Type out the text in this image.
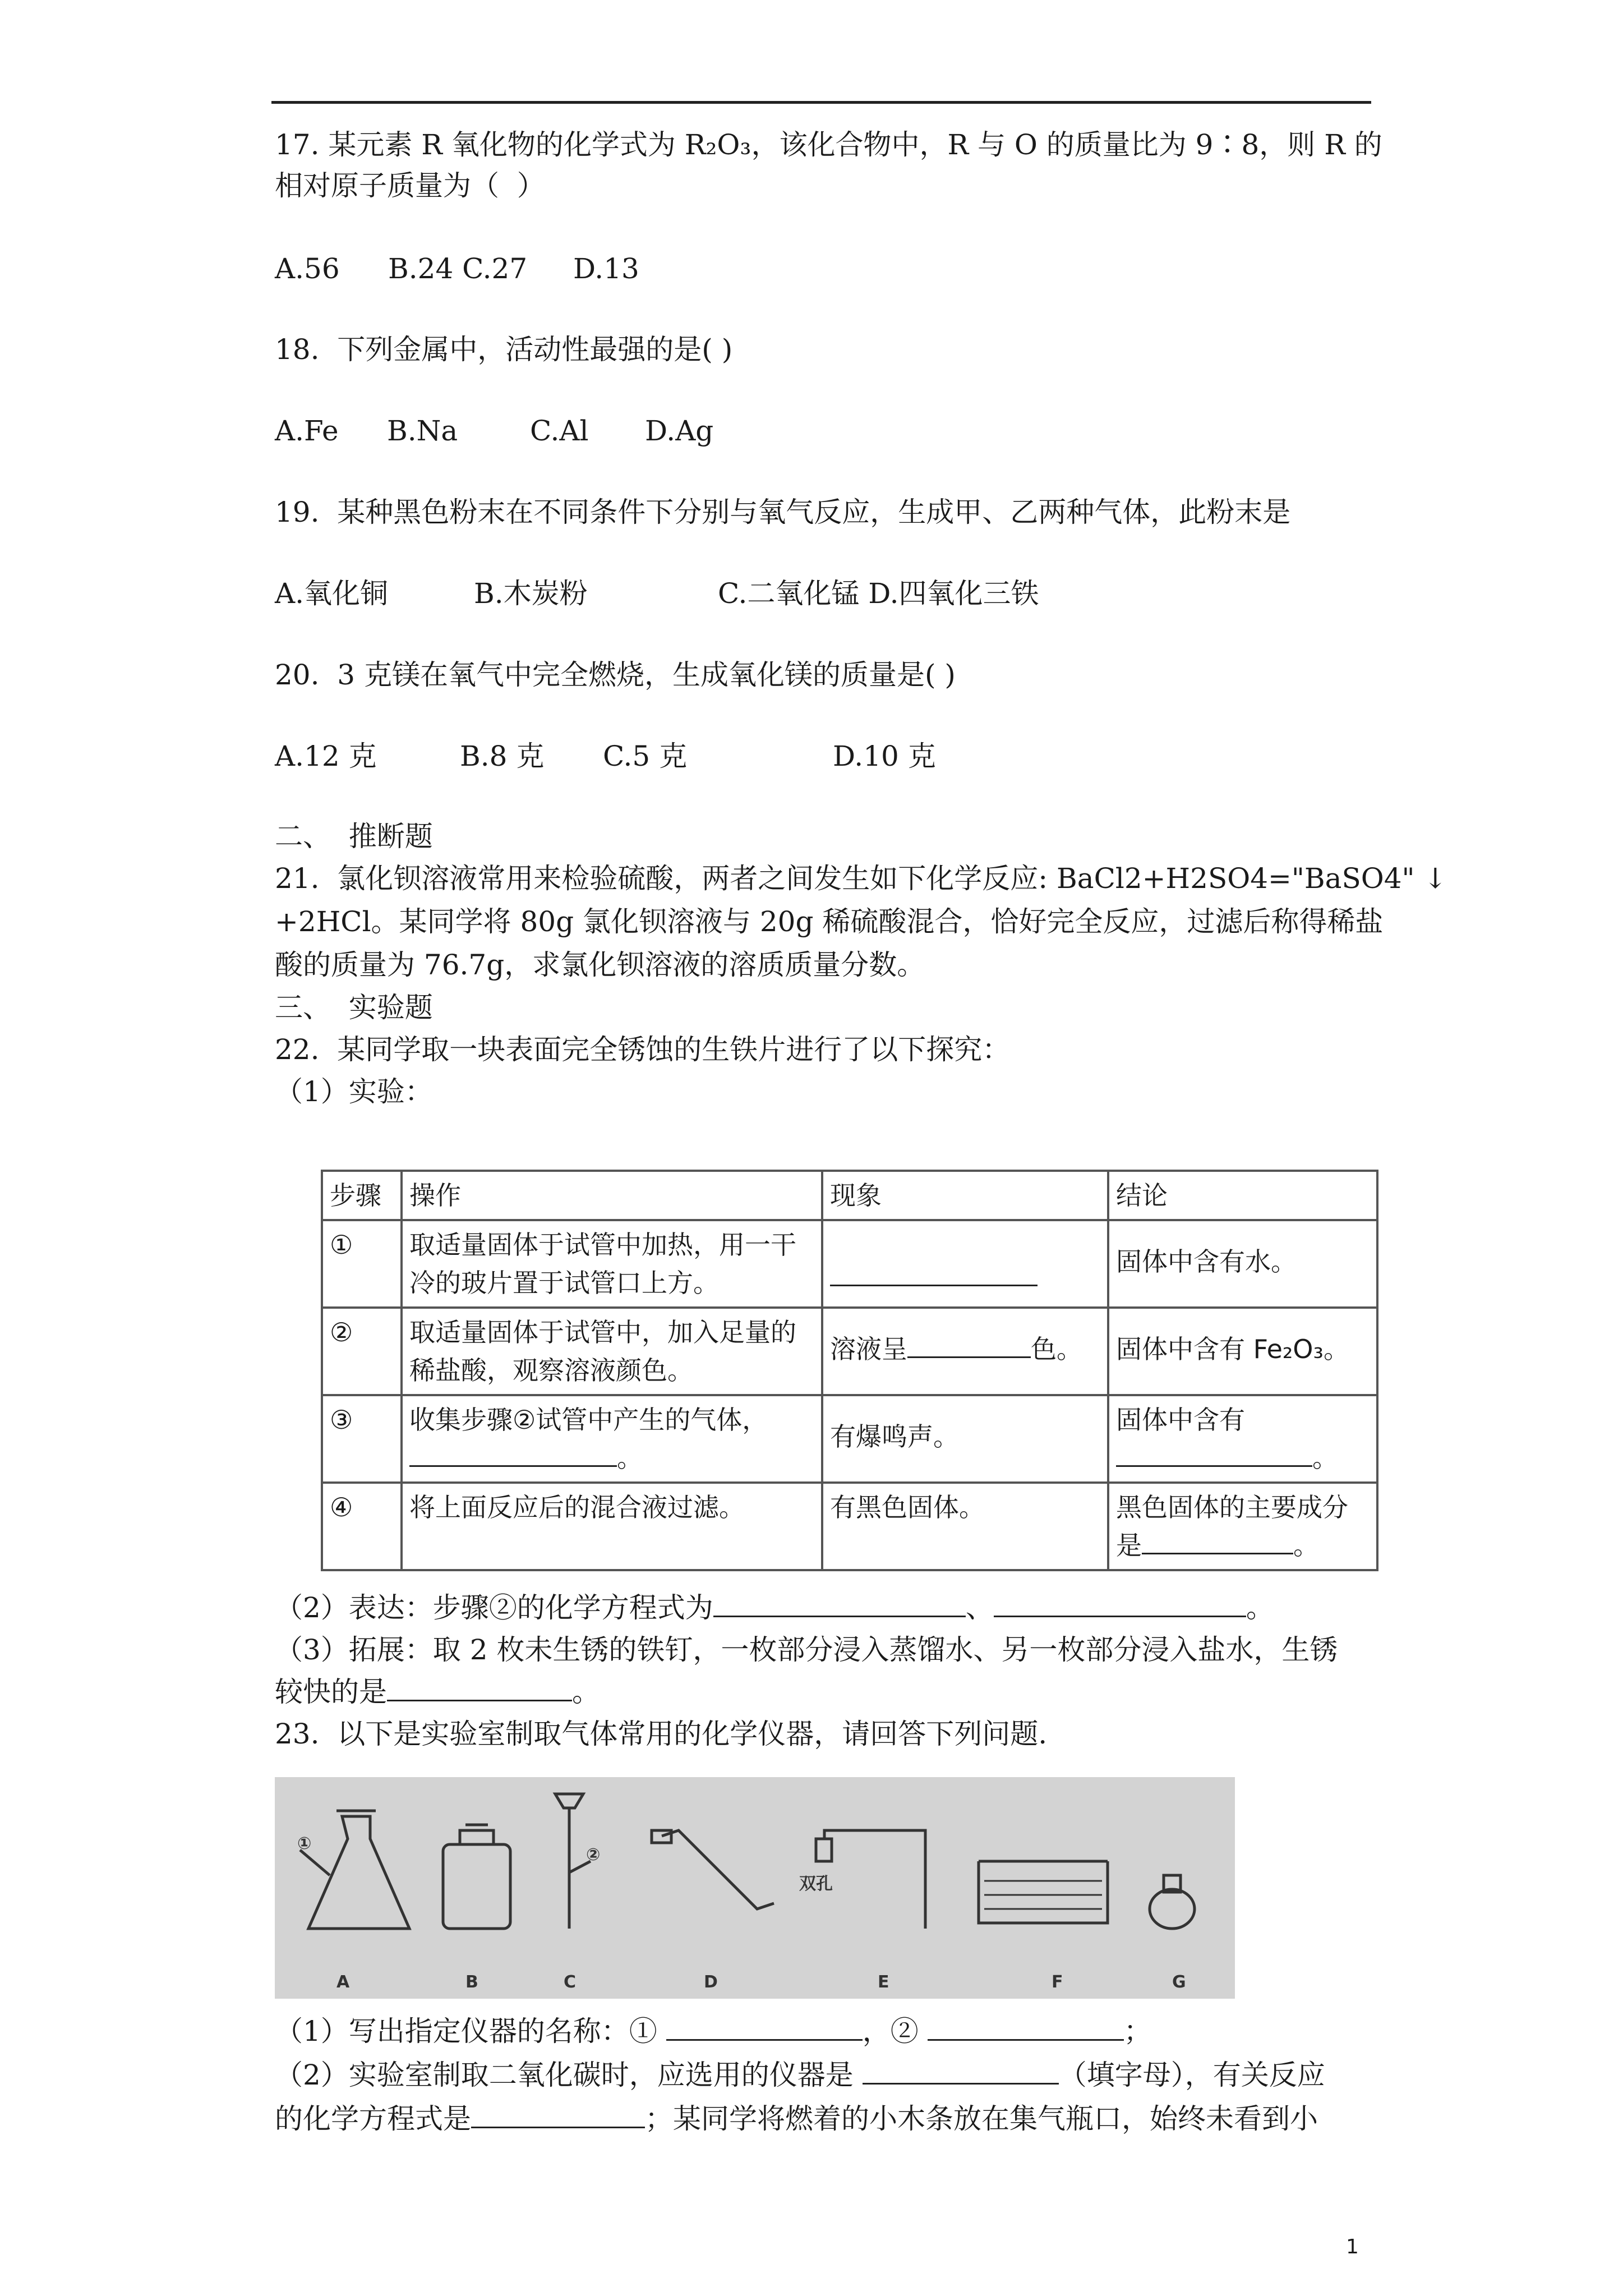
17. 某元素 R 氧化物的化学式为 R₂O₃，该化合物中，R 与 O 的质量比为 9∶8，则 R 的
相对原子质量为（  ）
A.56 B.24 C.27 D.13
18.  下列金属中，活动性最强的是( )
A.Fe B.Na	C.Al D.Ag
19.  某种黑色粉末在不同条件下分别与氧气反应，生成甲、乙两种气体，此粉末是
A.氧化铜	B.木炭粉	C.二氧化锰 D.四氧化三铁
20.  3 克镁在氧气中完全燃烧，生成氧化镁的质量是( )
A.12 克	B.8 克 C.5 克	D.10 克
二、  推断题
21.  氯化钡溶液常用来检验硫酸，两者之间发生如下化学反应: BaCl2+H2SO4="BaSO4" ↓
+2HCl。某同学将 80g 氯化钡溶液与 20g 稀硫酸混合，恰好完全反应，过滤后称得稀盐
酸的质量为 76.7g，求氯化钡溶液的溶质质量分数。
三、  实验题
22.  某同学取一块表面完全锈蚀的生铁片进行了以下探究：
（1）实验：
步骤	操作	现象	结论
①	取适量固体于试管中加热，用一干
冷的玻片置于试管口上方。		固体中含有水。
②	取适量固体于试管中，加入足量的
稀盐酸，观察溶液颜色。	溶液呈 色。	固体中含有 Fe₂O₃。
③	收集步骤②试管中产生的气体，
。	有爆鸣声。	固体中含有
。
④	将上面反应后的混合液过滤。	有黑色固体。	黑色固体的主要成分
是 。
（2）表达：步骤②的化学方程式为	、	。
（3）拓展：取 2 枚未生锈的铁钉，一枚部分浸入蒸馏水、另一枚部分浸入盐水，生锈
较快的是	。
23.  以下是实验室制取气体常用的化学仪器，请回答下列问题.
①
②
双孔
A	B	C	D	E	F	G
（1）写出指定仪器的名称：①	，②	；
（2）实验室制取二氧化碳时，应选用的仪器是	（填字母），有关反应
的化学方程式是	；某同学将燃着的小木条放在集气瓶口，始终未看到小
1
